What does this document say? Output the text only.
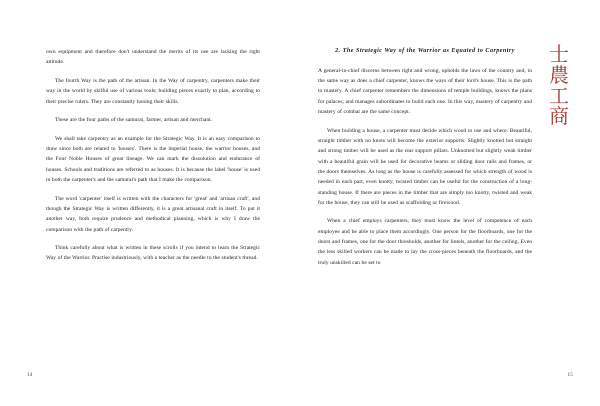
own equipment and therefore don't understand the merits of its use are lacking the right attitude.

The fourth Way is the path of the artisan. In the Way of carpentry, carpenters make their way in the world by skilful use of various tools; building pieces exactly to plan, according to their precise rulers. They are constantly honing their skills.

These are the four paths of the samurai, farmer, artisan and merchant.

We shall take carpentry as an example for the Strategic Way. It is an easy comparison to draw since both are related to 'houses'. There is the imperial house, the warrior houses, and the Four Noble Houses of great lineage. We can mark the dissolution and endurance of houses. Schools and traditions are referred to as houses. It is because the label 'house' is used in both the carpenter's and the samurai's path that I make the comparison.

The word 'carpenter' itself is written with the characters for 'great' and 'artisan craft', and though the Strategic Way is written differently, it is a great artisanal craft in itself. To put it another way, both require prudence and methodical planning, which is why I draw the comparison with the path of carpentry.

Think carefully about what is written in these scrolls if you intend to learn the Strategic Way of the Warrior. Practise industriously, with a teacher as the needle to the student's thread.

14
2. The Strategic Way of the Warrior as Equated to Carpentry

A general-in-chief discerns between right and wrong, upholds the laws of the country and, in the same way as does a chief carpenter, knows the ways of their lord's house. This is the path to mastery. A chief carpenter remembers the dimensions of temple buildings, knows the plans for palaces, and manages subordinates to build each one. In this way, mastery of carpentry and mastery of combat are the same concept.

When building a house, a carpenter must decide which wood to use and where. Beautiful, straight timber with no knots will become the exterior supports. Slightly knotted but straight and strong timber will be used as the rear support pillars. Unknotted but slightly weak timber with a beautiful grain will be used for decorative beams or sliding door rails and frames, or the doors themselves. As long as the house is carefully assessed for which strength of wood is needed in each part, even knotty, twisted timber can be useful for the construction of a long-standing house. If there are pieces in the timber that are simply too knotty, twisted and weak for the house, they can still be used as scaffolding or firewood.

When a chief employs carpenters, they must know the level of competence of each employee and be able to place them accordingly. One person for the floorboards, one for the doors and frames, one for the door thresholds, another for lintels, another for the ceiling. Even the less skilled workers can be made to lay the cross-pieces beneath the floorboards, and the truly unskilled can be set to

15
士
農
工
商
